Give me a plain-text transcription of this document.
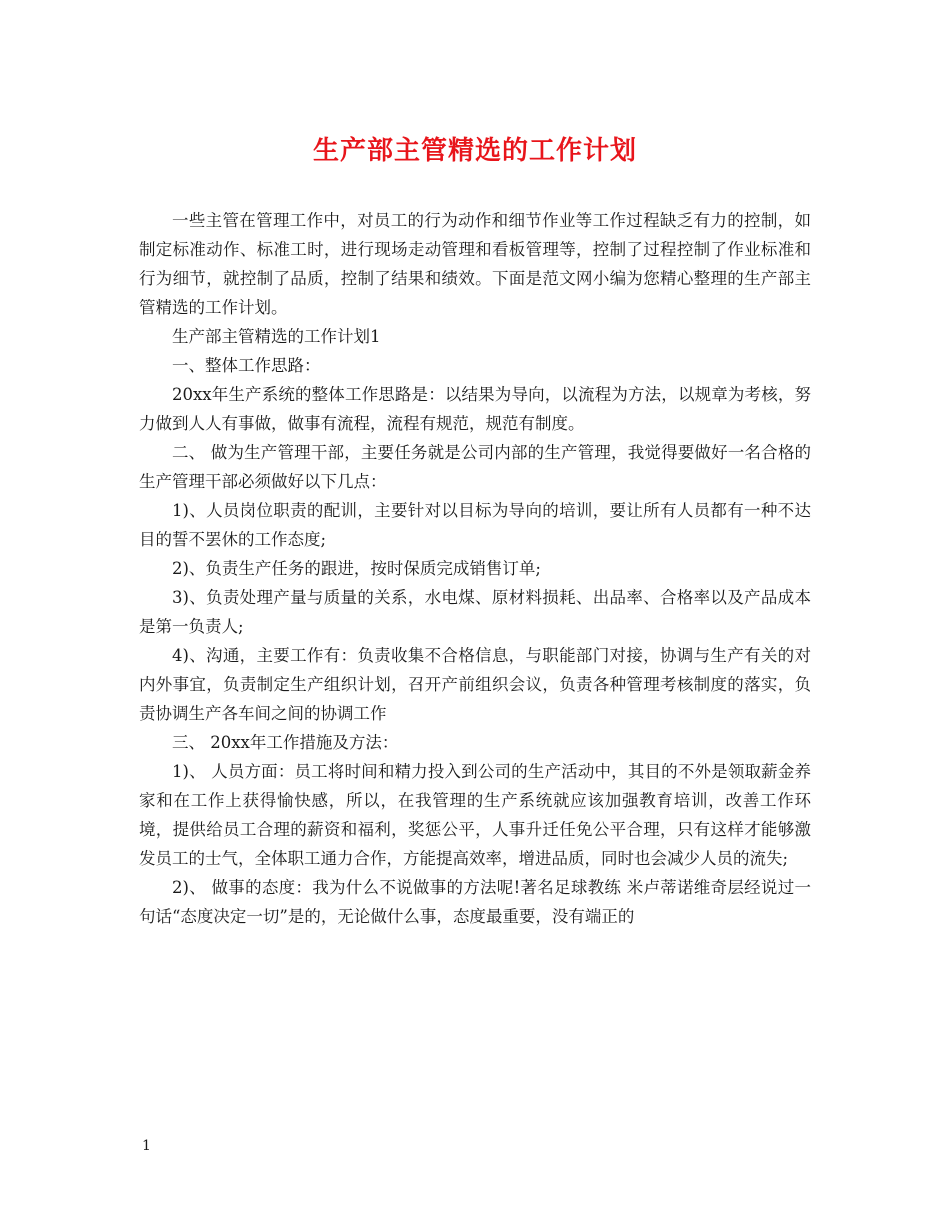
生产部主管精选的工作计划

一些主管在管理工作中，对员工的行为动作和细节作业等工作过程缺乏有力的控制，如制定标准动作、标准工时，进行现场走动管理和看板管理等，控制了过程控制了作业标准和行为细节，就控制了品质，控制了结果和绩效。下面是范文网小编为您精心整理的生产部主管精选的工作计划。

生产部主管精选的工作计划1

一、整体工作思路：

20xx年生产系统的整体工作思路是：以结果为导向，以流程为方法，以规章为考核，努力做到人人有事做，做事有流程，流程有规范，规范有制度。

二、 做为生产管理干部，主要任务就是公司内部的生产管理，我觉得要做好一名合格的生产管理干部必须做好以下几点：

1)、人员岗位职责的配训，主要针对以目标为导向的培训，要让所有人员都有一种不达目的誓不罢休的工作态度;

2)、负责生产任务的跟进，按时保质完成销售订单;

3)、负责处理产量与质量的关系，水电煤、原材料损耗、出品率、合格率以及产品成本是第一负责人;

4)、沟通，主要工作有：负责收集不合格信息，与职能部门对接，协调与生产有关的对内外事宜，负责制定生产组织计划，召开产前组织会议，负责各种管理考核制度的落实，负责协调生产各车间之间的协调工作

三、 20xx年工作措施及方法：

1)、 人员方面：员工将时间和精力投入到公司的生产活动中，其目的不外是领取薪金养家和在工作上获得愉快感，所以，在我管理的生产系统就应该加强教育培训，改善工作环境，提供给员工合理的薪资和福利，奖惩公平，人事升迁任免公平合理，只有这样才能够激发员工的士气，全体职工通力合作，方能提高效率，增进品质，同时也会减少人员的流失;

2)、 做事的态度：我为什么不说做事的方法呢!著名足球教练 米卢蒂诺维奇层经说过一句话“态度决定一切”是的，无论做什么事，态度最重要，没有端正的

1
